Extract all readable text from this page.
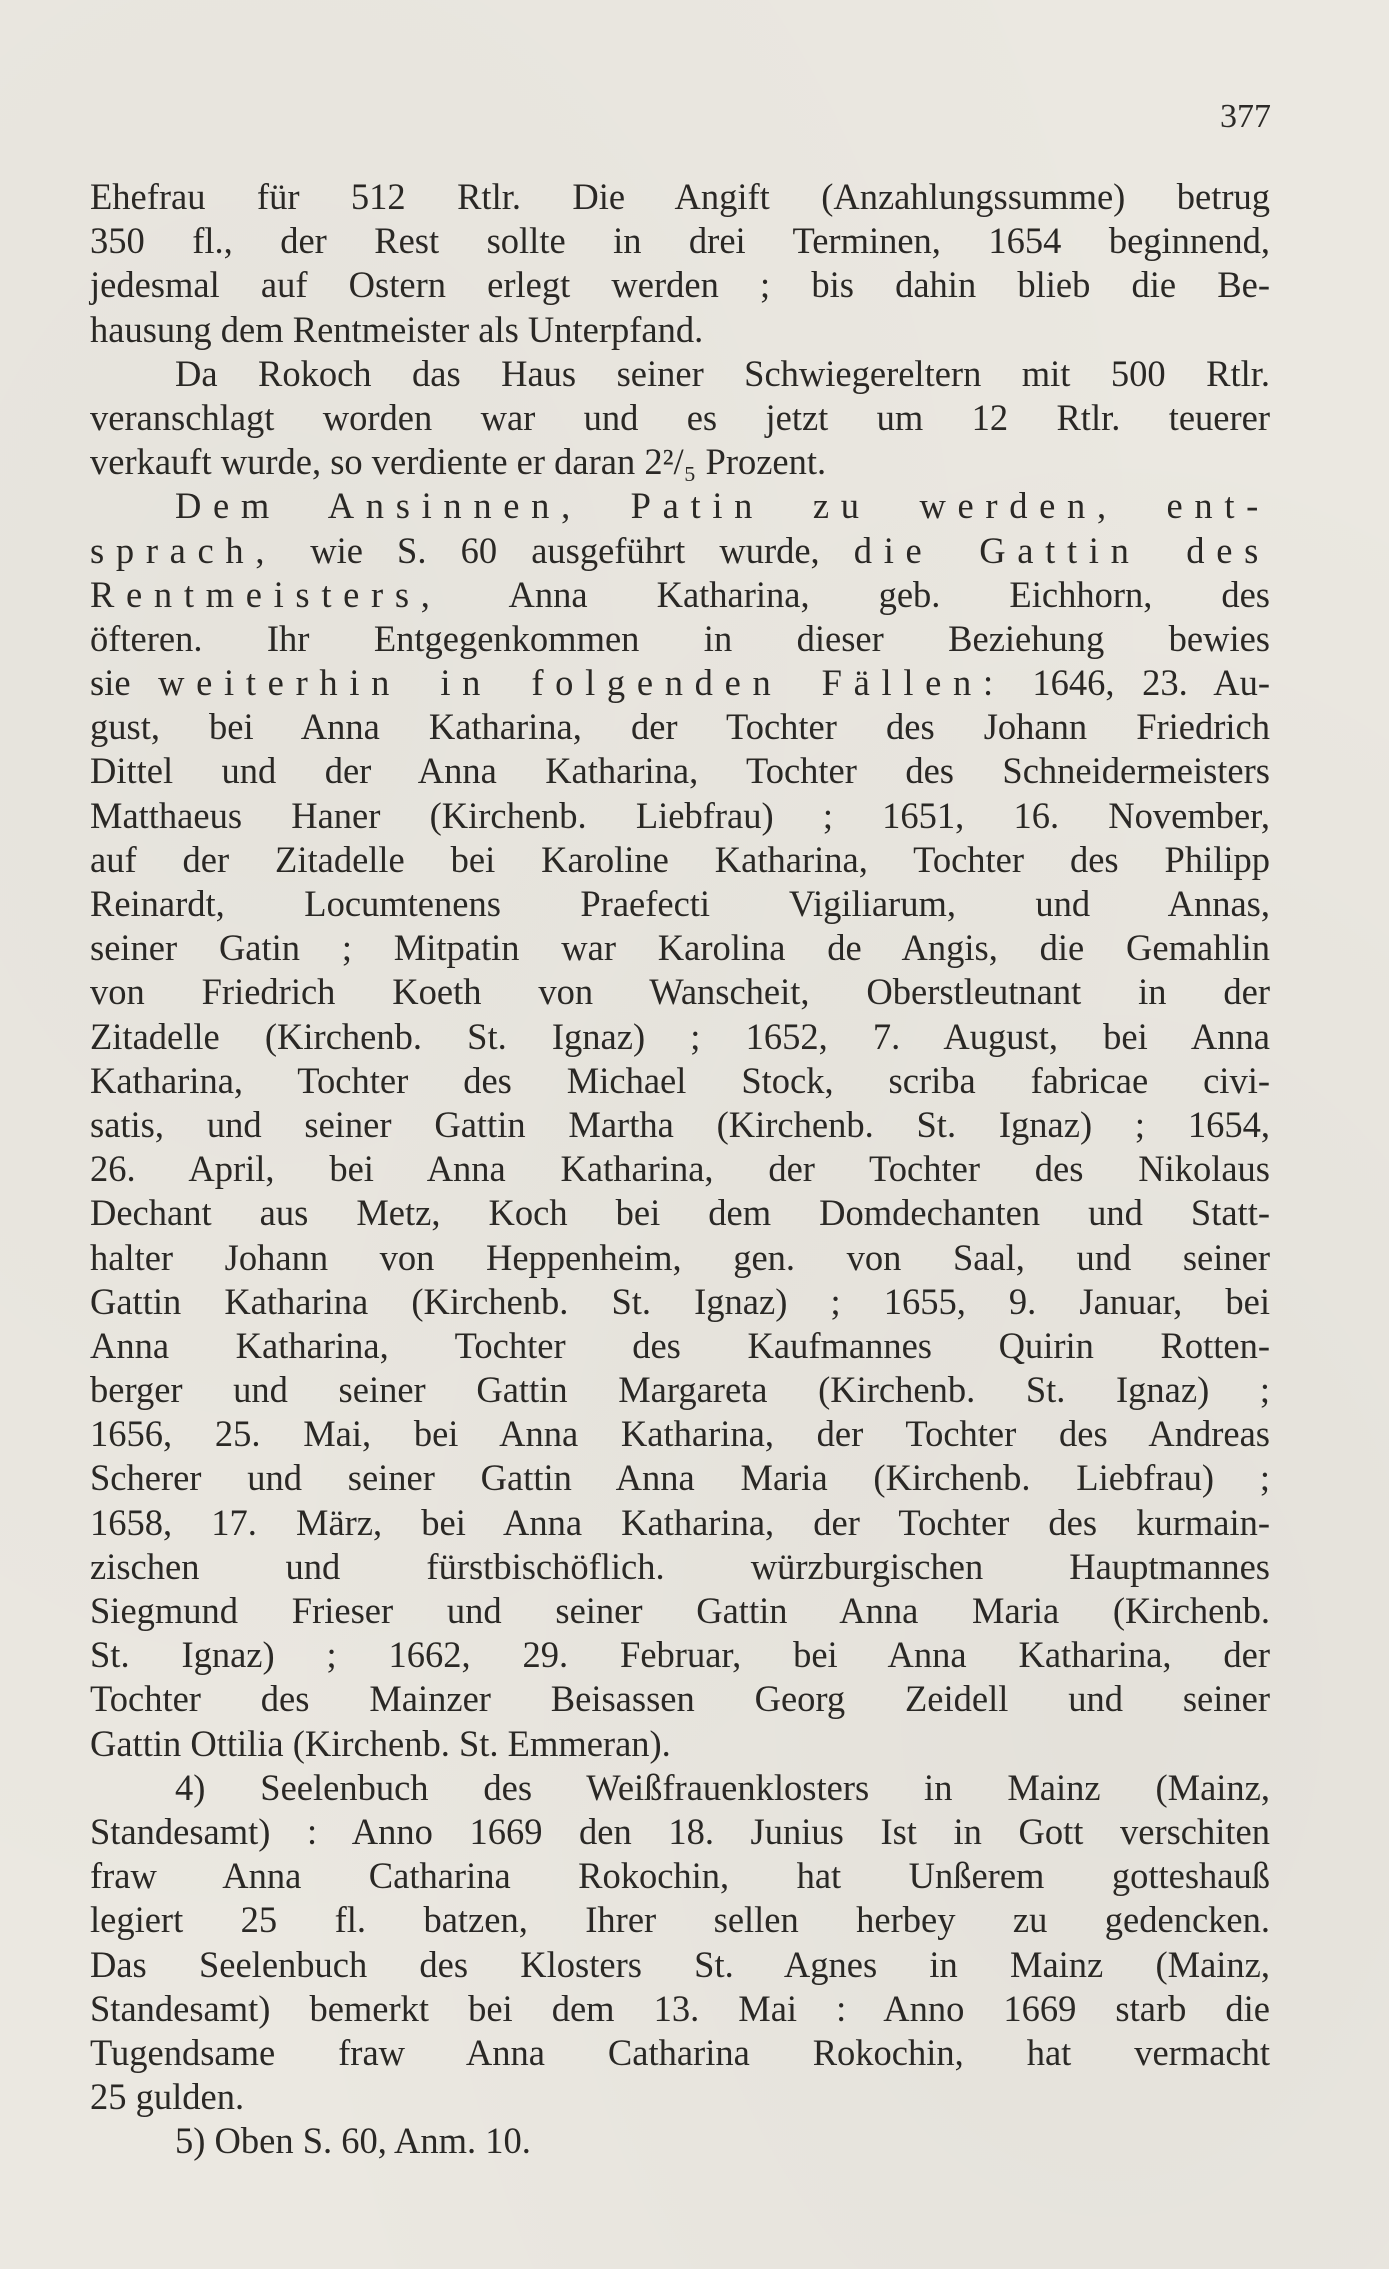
377
Ehefrau für 512 Rtlr. Die Angift (Anzahlungssumme) betrug
350 fl., der Rest sollte in drei Terminen, 1654 beginnend,
jedesmal auf Ostern erlegt werden ; bis dahin blieb die Be-
hausung dem Rentmeister als Unterpfand.
Da Rokoch das Haus seiner Schwiegereltern mit 500 Rtlr.
veranschlagt worden war und es jetzt um 12 Rtlr. teuerer
verkauft wurde, so verdiente er daran 2²/₅ Prozent.
Dem Ansinnen, Patin zu werden, ent-
sprach, wie S. 60 ausgeführt wurde, die Gattin des
Rentmeisters, Anna Katharina, geb. Eichhorn, des
öfteren. Ihr Entgegenkommen in dieser Beziehung bewies
sie weiterhin in folgenden Fällen: 1646, 23. Au-
gust, bei Anna Katharina, der Tochter des Johann Friedrich
Dittel und der Anna Katharina, Tochter des Schneidermeisters
Matthaeus Haner (Kirchenb. Liebfrau) ; 1651, 16. November,
auf der Zitadelle bei Karoline Katharina, Tochter des Philipp
Reinardt, Locumtenens Praefecti Vigiliarum, und Annas,
seiner Gatin ; Mitpatin war Karolina de Angis, die Gemahlin
von Friedrich Koeth von Wanscheit, Oberstleutnant in der
Zitadelle (Kirchenb. St. Ignaz) ; 1652, 7. August, bei Anna
Katharina, Tochter des Michael Stock, scriba fabricae civi-
satis, und seiner Gattin Martha (Kirchenb. St. Ignaz) ; 1654,
26. April, bei Anna Katharina, der Tochter des Nikolaus
Dechant aus Metz, Koch bei dem Domdechanten und Statt-
halter Johann von Heppenheim, gen. von Saal, und seiner
Gattin Katharina (Kirchenb. St. Ignaz) ; 1655, 9. Januar, bei
Anna Katharina, Tochter des Kaufmannes Quirin Rotten-
berger und seiner Gattin Margareta (Kirchenb. St. Ignaz) ;
1656, 25. Mai, bei Anna Katharina, der Tochter des Andreas
Scherer und seiner Gattin Anna Maria (Kirchenb. Liebfrau) ;
1658, 17. März, bei Anna Katharina, der Tochter des kurmain-
zischen und fürstbischöflich. würzburgischen Hauptmannes
Siegmund Frieser und seiner Gattin Anna Maria (Kirchenb.
St. Ignaz) ; 1662, 29. Februar, bei Anna Katharina, der
Tochter des Mainzer Beisassen Georg Zeidell und seiner
Gattin Ottilia (Kirchenb. St. Emmeran).
4) Seelenbuch des Weißfrauenklosters in Mainz (Mainz,
Standesamt) : Anno 1669 den 18. Junius Ist in Gott verschiten
fraw Anna Catharina Rokochin, hat Unßerem gotteshauß
legiert 25 fl. batzen, Ihrer sellen herbey zu gedencken.
Das Seelenbuch des Klosters St. Agnes in Mainz (Mainz,
Standesamt) bemerkt bei dem 13. Mai : Anno 1669 starb die
Tugendsame fraw Anna Catharina Rokochin, hat vermacht
25 gulden.
5) Oben S. 60, Anm. 10.
